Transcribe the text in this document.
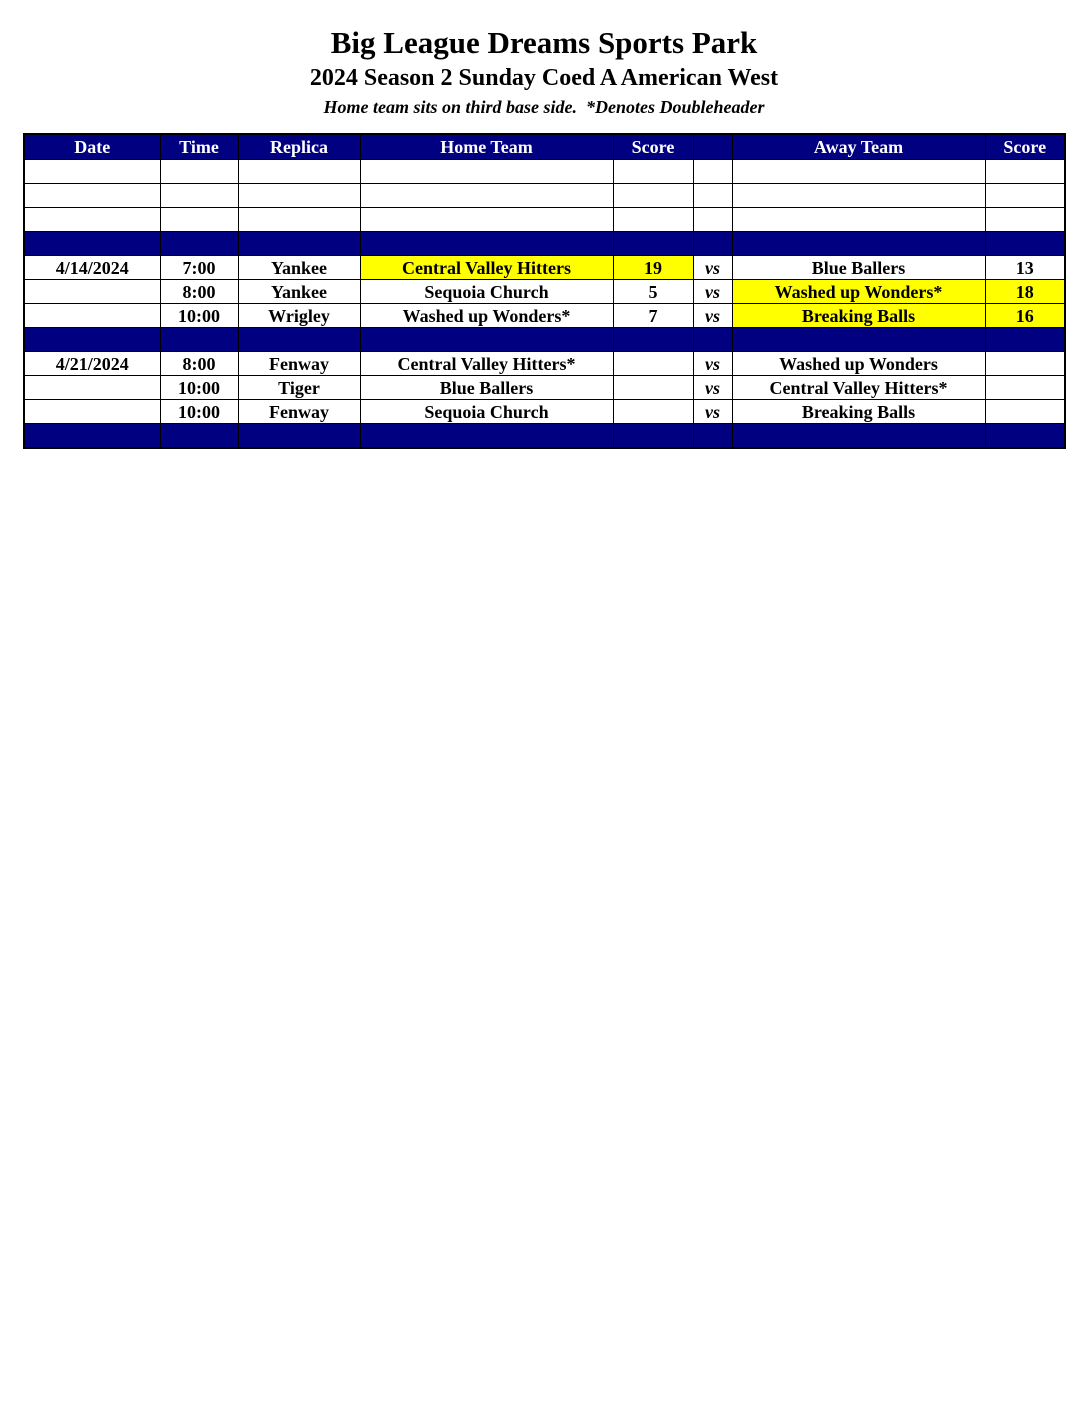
Big League Dreams Sports Park

2024 Season 2 Sunday Coed A American West

Home team sits on third base side.  *Denotes Doubleheader

Date	Time	Replica	Home Team	Score		Away Team	Score

4/14/2024	7:00	Yankee	Central Valley Hitters	19	vs	Blue Ballers	13
	8:00	Yankee	Sequoia Church	5	vs	Washed up Wonders*	18
	10:00	Wrigley	Washed up Wonders*	7	vs	Breaking Balls	16

4/21/2024	8:00	Fenway	Central Valley Hitters*		vs	Washed up Wonders	
	10:00	Tiger	Blue Ballers		vs	Central Valley Hitters*	
	10:00	Fenway	Sequoia Church		vs	Breaking Balls	
